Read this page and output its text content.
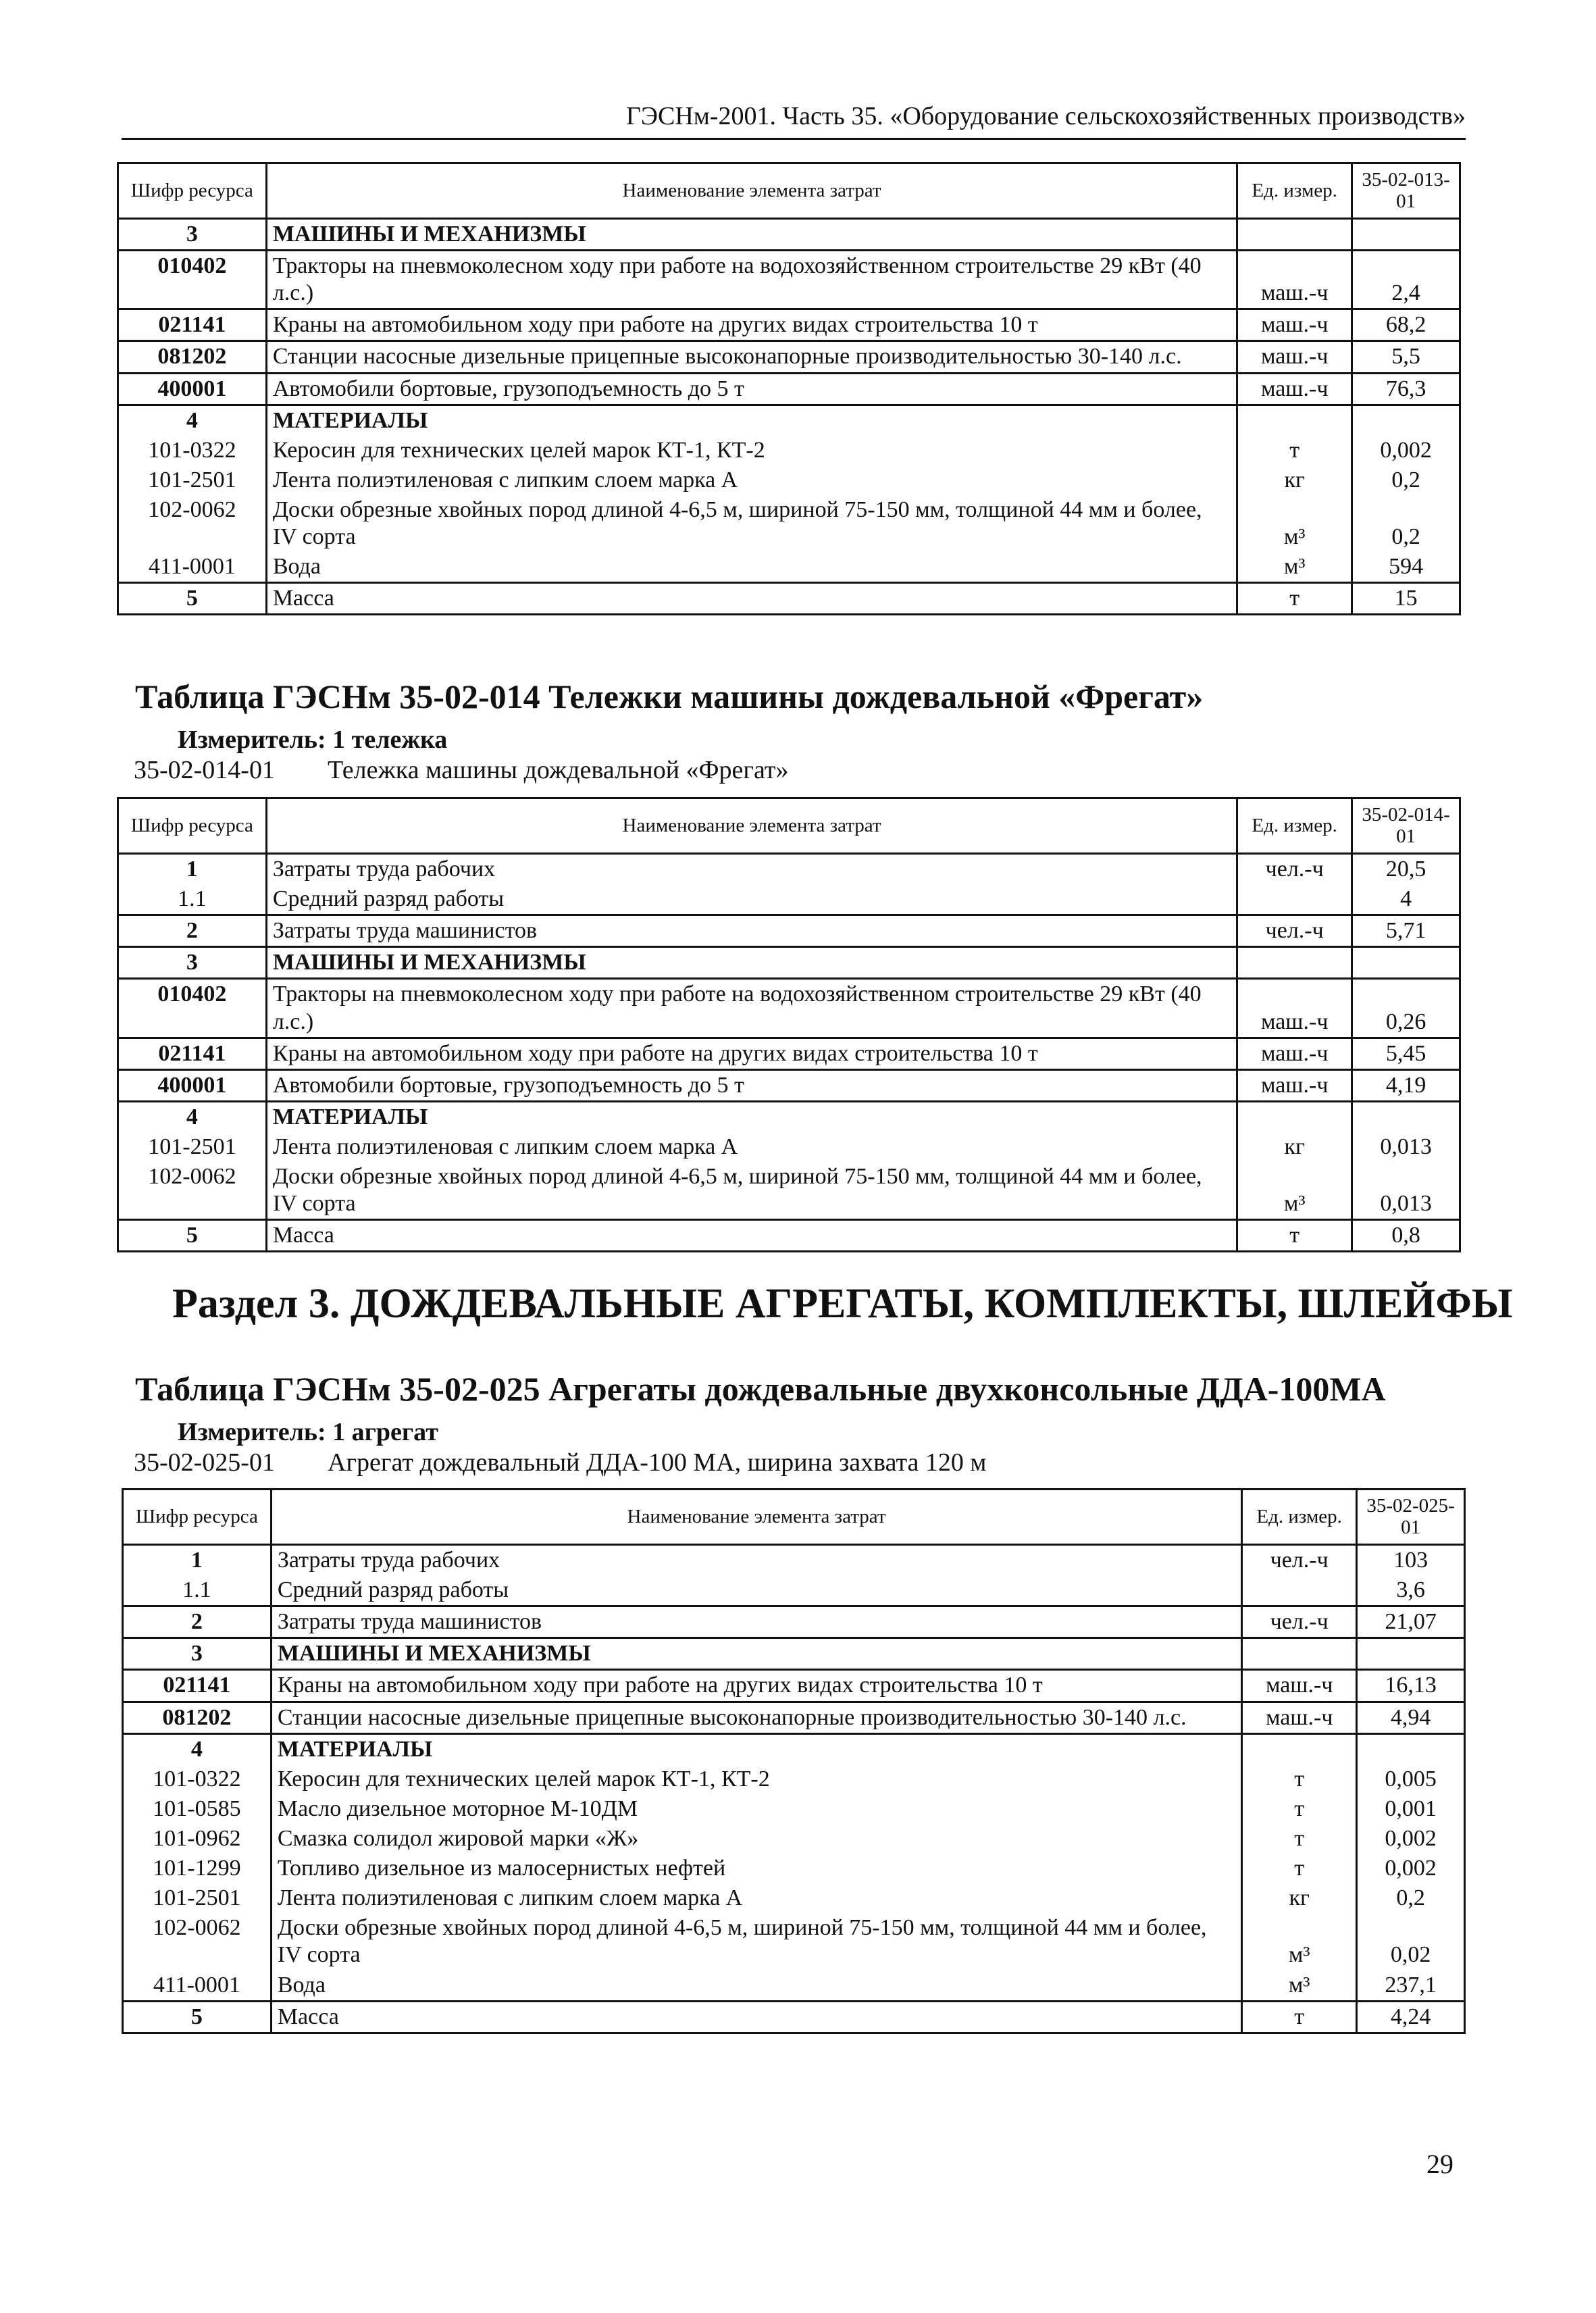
ГЭСНм-2001. Часть 35. «Оборудование сельскохозяйственных производств»
Шифр ресурса	Наименование элемента затрат	Ед. измер.	35-02-013-01

3	МАШИНЫ И МЕХАНИЗМЫ		
010402	Тракторы на пневмоколесном ходу при работе на водохозяйственном строительстве 29 кВт (40 л.с.)	маш.-ч	2,4
021141	Краны на автомобильном ходу при работе на других видах строительства 10 т	маш.-ч	68,2
081202	Станции насосные дизельные прицепные высоконапорные производительностью 30-140 л.с.	маш.-ч	5,5
400001	Автомобили бортовые, грузоподъемность до 5 т	маш.-ч	76,3
4	МАТЕРИАЛЫ		
101-0322	Керосин для технических целей марок КТ-1, КТ-2	т	0,002
101-2501	Лента полиэтиленовая с липким слоем марка А	кг	0,2
102-0062	Доски обрезные хвойных пород длиной 4-6,5 м, шириной 75-150 мм, толщиной 44 мм и более, IV сорта	м³	0,2
411-0001	Вода	м³	594
5	Масса	т	15
Таблица ГЭСНм 35-02-014 Тележки машины дождевальной «Фрегат»
Измеритель: 1 тележка
35-02-014-01 Тележка машины дождевальной «Фрегат»
Шифр ресурса	Наименование элемента затрат	Ед. измер.	35-02-014-01

1	Затраты труда рабочих	чел.-ч	20,5
1.1	Средний разряд работы		4
2	Затраты труда машинистов	чел.-ч	5,71
3	МАШИНЫ И МЕХАНИЗМЫ		
010402	Тракторы на пневмоколесном ходу при работе на водохозяйственном строительстве 29 кВт (40 л.с.)	маш.-ч	0,26
021141	Краны на автомобильном ходу при работе на других видах строительства 10 т	маш.-ч	5,45
400001	Автомобили бортовые, грузоподъемность до 5 т	маш.-ч	4,19
4	МАТЕРИАЛЫ		
101-2501	Лента полиэтиленовая с липким слоем марка А	кг	0,013
102-0062	Доски обрезные хвойных пород длиной 4-6,5 м, шириной 75-150 мм, толщиной 44 мм и более, IV сорта	м³	0,013
5	Масса	т	0,8
Раздел 3. ДОЖДЕВАЛЬНЫЕ АГРЕГАТЫ, КОМПЛЕКТЫ, ШЛЕЙФЫ
Таблица ГЭСНм 35-02-025 Агрегаты дождевальные двухконсольные ДДА-100МА
Измеритель: 1 агрегат
35-02-025-01 Агрегат дождевальный ДДА-100 МА, ширина захвата 120 м
Шифр ресурса	Наименование элемента затрат	Ед. измер.	35-02-025-01

1	Затраты труда рабочих	чел.-ч	103
1.1	Средний разряд работы		3,6
2	Затраты труда машинистов	чел.-ч	21,07
3	МАШИНЫ И МЕХАНИЗМЫ		
021141	Краны на автомобильном ходу при работе на других видах строительства 10 т	маш.-ч	16,13
081202	Станции насосные дизельные прицепные высоконапорные производительностью 30-140 л.с.	маш.-ч	4,94
4	МАТЕРИАЛЫ		
101-0322	Керосин для технических целей марок КТ-1, КТ-2	т	0,005
101-0585	Масло дизельное моторное М-10ДМ	т	0,001
101-0962	Смазка солидол жировой марки «Ж»	т	0,002
101-1299	Топливо дизельное из малосернистых нефтей	т	0,002
101-2501	Лента полиэтиленовая с липким слоем марка А	кг	0,2
102-0062	Доски обрезные хвойных пород длиной 4-6,5 м, шириной 75-150 мм, толщиной 44 мм и более, IV сорта	м³	0,02
411-0001	Вода	м³	237,1
5	Масса	т	4,24
29
